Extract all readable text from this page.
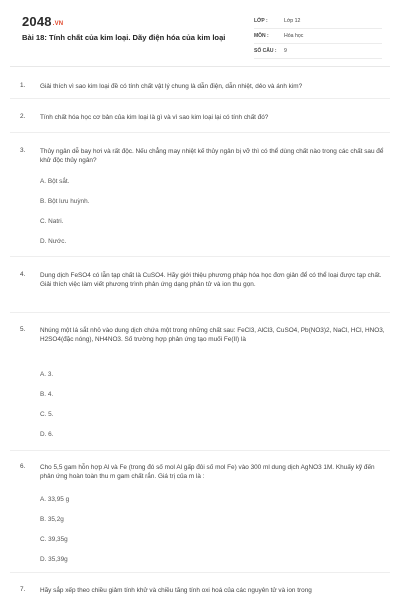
2048.VN
Bài 18: Tính chất của kim loại. Dãy điện hóa của kim loại
LỚP :	Lớp 12
MÔN :	Hóa học
SỐ CÂU :	9
1. Giải thích vì sao kim loại đề có tính chất vật lý chung là dẫn điện, dẫn nhiệt, dẻo và ánh kim?
2. Tính chất hóa học cơ bản của kim loại là gì và vì sao kim loại lại có tính chất đó?
3. Thủy ngân dễ bay hơi và rất độc. Nếu chẳng may nhiệt kế thủy ngân bị vỡ thì có thể dùng chất nào trong các chất sau để khử độc thủy ngân?
A. Bột sắt.
B. Bột lưu huỳnh.
C. Natri.
D. Nước.
4. Dung dịch FeSO4 có lẫn tạp chất là CuSO4. Hãy giới thiệu phương pháp hóa học đơn giản để có thể loại được tạp chất. Giải thích việc làm viết phương trình phản ứng dạng phân tử và ion thu gọn.
5. Nhúng một lá sắt nhỏ vào dung dịch chứa một trong những chất sau: FeCl3, AlCl3, CuSO4, Pb(NO3)2, NaCl, HCl, HNO3, H2SO4(đặc nóng), NH4NO3. Số trường hợp phản ứng tạo muối Fe(II) là
A. 3.
B. 4.
C. 5.
D. 6.
6. Cho 5,5 gam hỗn hợp Al và Fe (trong đó số mol Al gấp đôi số mol Fe) vào 300 ml dung dịch AgNO3 1M. Khuấy kỹ đến phản ứng hoàn toàn thu m gam chất rắn. Giá trị của m là :
A. 33,95 g
B. 35,2g
C. 39,35g
D. 35,39g
7. Hãy sắp xếp theo chiều giảm tính khử và chiều tăng tính oxi hoá của các nguyên tử và ion trong
